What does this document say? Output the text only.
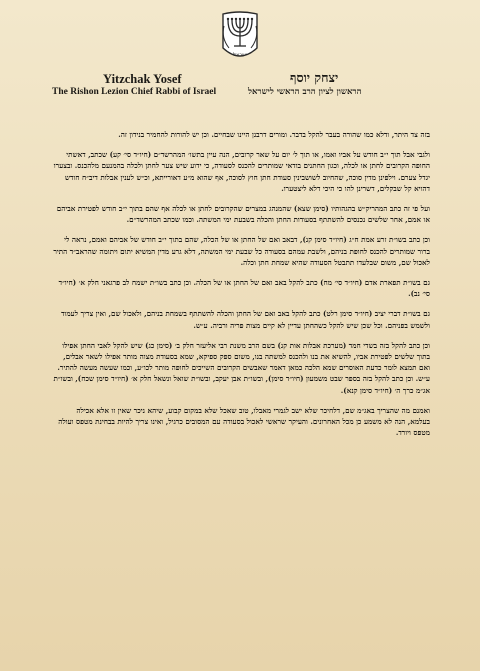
ישראל
Yitzchak Yosef
The Rishon Lezion Chief Rabbi of Israel
יצחק יוסף
הראשון לציון הרב הראשי לישראל

בזה צד היתר, ודלא כמו שהורה בעבר להקל בדבר. ומורים דרבנן היינו שבחיים. וכן יש להורות להחמיר בנידון זה.

ולגבי אבל תוך י״ב חודש על אביו ואמו, או תוך ל׳ יום על שאר קרובים, הנה עיין בתשו׳ המהרשד״ם (חיו״ד סי׳ קע) שכתב, דאשתי החופה הקרובים לחתן או לכלה, וכגון החתנים בודאי שמותרים להכנס לסעודה, כי ידוע שיש צער לחתן ולכלה בהמנעם מלהכנס. ובצערו יגדל צערם. וילפינן מדין סוכה, שהחיוב לשושבינין סעודת חתן חוץ לסוכה, אף שהוא מ״ע דאורייתא, וכ״ש לענין אבלות דיב״ח חודש דהויא קל שבקלים, דשרינן להו כי היכי דלא ליצטערו.

ועל פי זה כתב המהריק״ש בהגהותיו (סימן שצא) שהמנהג במצרים שהקרובים לחתן או לכלה אף שהם בתוך י״ב חודש לפטירת אביהם או אמם, אחר שלשים נכנסים להשתתף בסעודות החתן והכלה בשבעת ימי המשתה. וכמו שכתב המהרשד״ם.

וכן כתב בשו״ת זרע אמת ח״ג (חיו״ד סימן קנ), דבאב ואם של החתן או של הכלה, שהם בתוך י״ב חודש של אביהם ואמם, נראה לי ברור שמותרים להכנס לחופת בניהם, ולשבת עמהם בסעודה כל שבעת ימי המשתה, דלא גרע מדין המשיא יתום ויתומה שהראב״ד התיר לאכול שם, משום שבלעדו תתבטל הסעודה שהיא שמחת חתן וכלה.

גם בשו״ת תפארת אדם (חיו״ד סי׳ מח) כתב להקל באב ואם של החתן או של הכלה. וכן כתב בשו״ת ישמח לב פרגאני חלק א׳ (חיו״ד סי׳ נב).

גם בשו״ת דברי יציב (חיו״ד סימן רלט) כתב להקל באב ואם של החתן והכלה להשתתף בשמחת בניהם, ולאכול שם, ואין צריך לעמוד ולשמש בפניהם. וכל שכן שיש להקל כשהחתן עדיין לא קיים מצות פריה ורביה. ע״ש.

וכן כתב להקל בזה בשדי חמד (מערכת אבלות אות קנ) בשם הרב משנת רבי אליעזר חלק ב׳ (סימן כג) שיש להקל לאבי החתן אפילו בתוך שלשים לפטירת אביו, להשיא את בנו ולהכנס למשתה בנו, משום ספק ספיקא, שמא בסעודת מצוה מותר אפילו לשאר אבלים, ואם תמצא לומר כדעת האוסרים שמא הלכה כמאן דאמר שאבשים הקרובים השייכים לחופה מותר לכו״ע, וכמו שעשה מעשה להתיר. ע״ש. וכן כתב להקל בזה בספר שבט משמעון (חיו״ד סימן), ובשו״ת אבן יעקב, ובשו״ת שואל ונשאל חלק א׳ (חיו״ד סימן שכח), ובשו״ת אג״מ כרך ה׳ (חיו״ד סימן קנא).

ואמנם מה שהצריך באג״מ שם, דלחיכר שלא ישב לגמרי מאבלו, טוב שאכל שלא במקום קבוע, שיהא ניכר שאין זו אלא אכילה בעלמא, הנה לא משמע כן מכל האחרונים. והעיקר שראשי לאכול בסעודה עם המסובים כרגיל, ואינו צריך להיות בבחינת מטפס ועולה מטפס ויורד.
